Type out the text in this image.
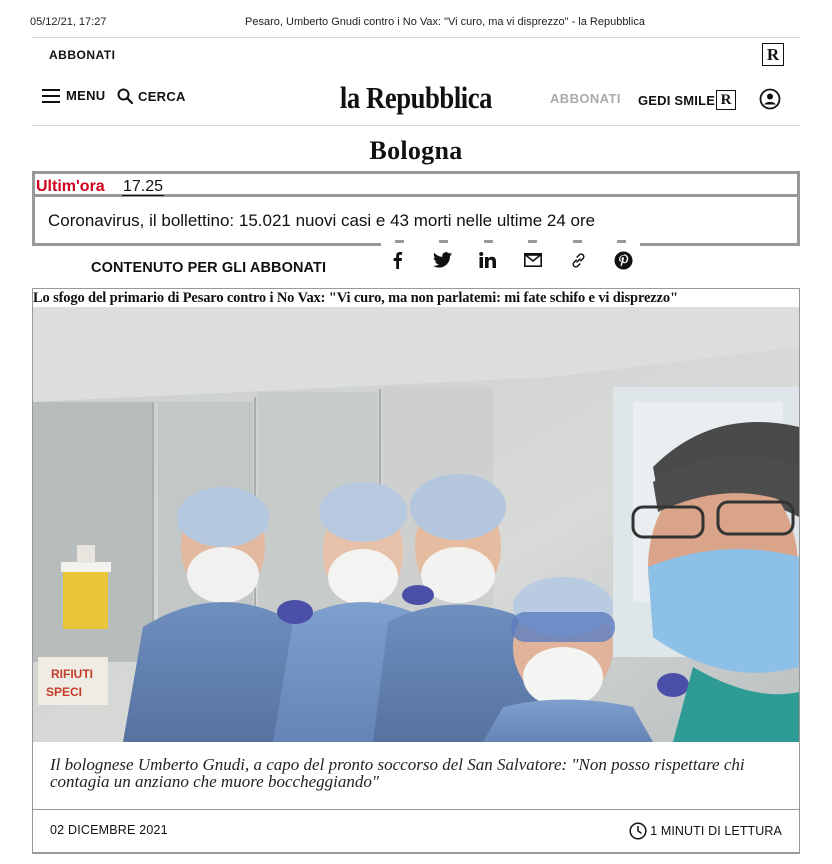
05/12/21, 17:27	Pesaro, Umberto Gnudi contro i No Vax: "Vi curo, ma vi disprezzo" - la Repubblica
ABBONATI	R
MENU	CERCA	la Repubblica	ABBONATI GEDI SMILE R
Bologna
Ultim'ora 17.25
Coronavirus, il bollettino: 15.021 nuovi casi e 43 morti nelle ultime 24 ore
CONTENUTO PER GLI ABBONATI
Lo sfogo del primario di Pesaro contro i No Vax: "Vi curo, ma non parlatemi: mi fate schifo e vi disprezzo"
RIFIUTI
SPECI

Il bolognese Umberto Gnudi, a capo del pronto soccorso del San Salvatore: "Non posso rispettare chi contagia un anziano che muore boccheggiando"

02 DICEMBRE 2021	1 MINUTI DI LETTURA
